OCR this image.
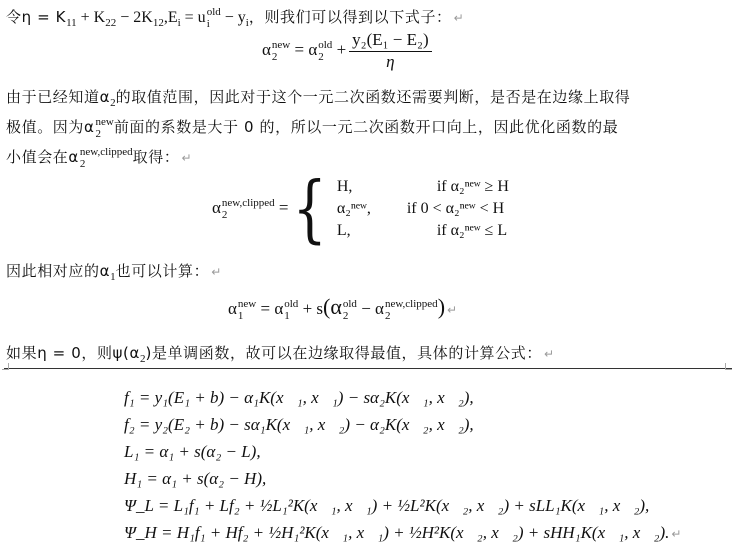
令$\eta = K_{11} + K_{22} - 2K_{12},E_i = u$ old
$i - y_i$，则我们可以得到以下式子： ↵
α new
2 = α old
$2 + \frac{\text{y₂(E₁ − E₂)}}{\eta}$
由于已经知道$\alpha_2$的取值范围，因此对于这个一元二次函数还需要判断，是否是在边缘上取得
极值。因为α new
2 前面的系数是大于 0 的，所以一元二次函数开口向上，因此优化函数的最
小值会在α new,clipped
2	取得： ↵
α new,clipped
2	= { H,	if α₂ⁿᵉʷ ≥ H
α₂ⁿᵉʷ,	if 0 < α₂ⁿᵉʷ < H
L,	if α₂ⁿᵉʷ ≤ L
因此相对应的$\alpha_1$也可以计算： ↵
α new
1 = α old
1 + s(α old
2 − α new,clipped
2	) ↵
如果η = 0，则$\psi(\alpha_2)$是单调函数，故可以在边缘取得最值，具体的计算公式： ↵
f₁ = y₁(E₁ + b) − α₁K(x⃗₁, x⃗₁) − sα₂K(x⃗₁, x⃗₂),
f₂ = y₂(E₂ + b) − sα₁K(x⃗₁, x⃗₂) − α₂K(x⃗₂, x⃗₂),
L₁ = α₁ + s(α₂ − L),
H₁ = α₁ + s(α₂ − H),
Ψ_L = L₁f₁ + Lf₂ + ½L₁²K(x⃗₁, x⃗₁) + ½L²K(x⃗₂, x⃗₂) + sLL₁K(x⃗₁, x⃗₂),
Ψ_H = H₁f₁ + Hf₂ + ½H₁²K(x⃗₁, x⃗₁) + ½H²K(x⃗₂, x⃗₂) + sHH₁K(x⃗₁, x⃗₂). ↵
